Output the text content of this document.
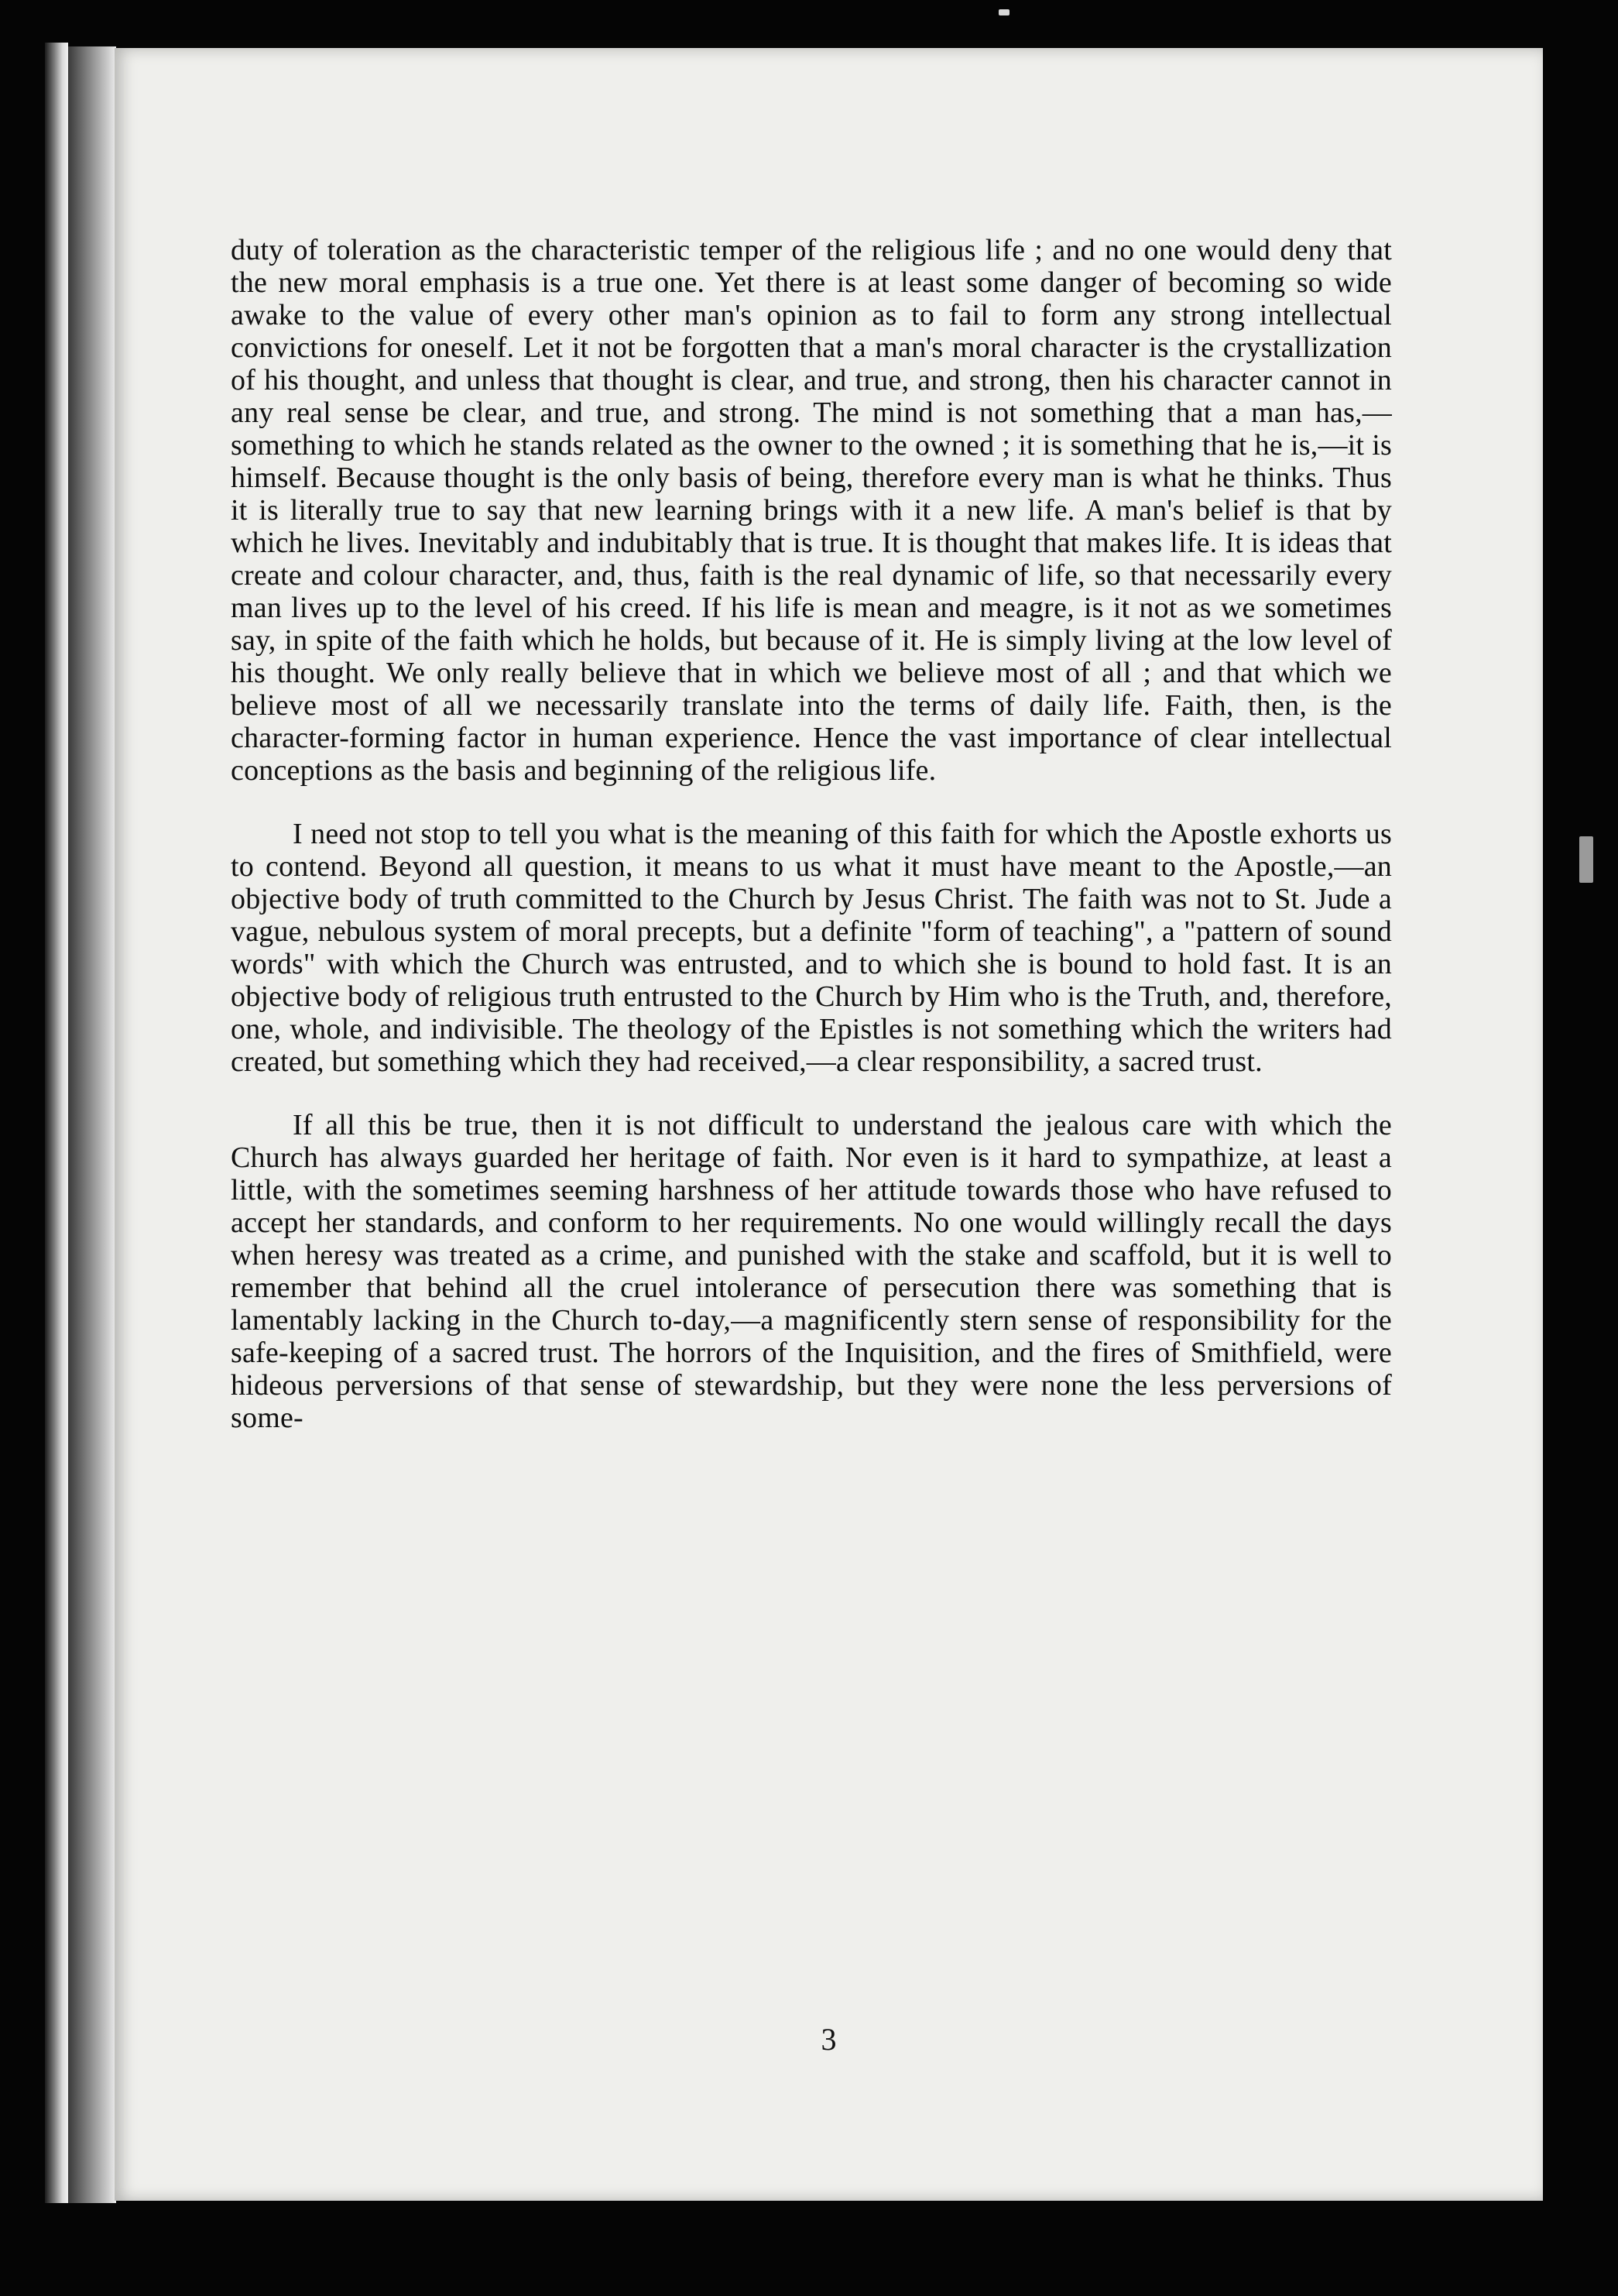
duty of toleration as the characteristic temper of the religious life ; and no one would deny that the new moral emphasis is a true one. Yet there is at least some danger of becoming so wide awake to the value of every other man's opinion as to fail to form any strong intellectual convictions for oneself. Let it not be forgotten that a man's moral character is the crystallization of his thought, and unless that thought is clear, and true, and strong, then his character cannot in any real sense be clear, and true, and strong. The mind is not something that a man has,—something to which he stands related as the owner to the owned ; it is something that he is,—it is himself. Because thought is the only basis of being, therefore every man is what he thinks. Thus it is literally true to say that new learning brings with it a new life. A man's belief is that by which he lives. Inevitably and indubitably that is true. It is thought that makes life. It is ideas that create and colour character, and, thus, faith is the real dynamic of life, so that necessarily every man lives up to the level of his creed. If his life is mean and meagre, is it not as we sometimes say, in spite of the faith which he holds, but because of it. He is simply living at the low level of his thought. We only really believe that in which we believe most of all ; and that which we believe most of all we necessarily translate into the terms of daily life. Faith, then, is the character-forming factor in human experience. Hence the vast importance of clear intellectual conceptions as the basis and beginning of the religious life.

I need not stop to tell you what is the meaning of this faith for which the Apostle exhorts us to contend. Beyond all question, it means to us what it must have meant to the Apostle,—an objective body of truth committed to the Church by Jesus Christ. The faith was not to St. Jude a vague, nebulous system of moral precepts, but a definite "form of teaching", a "pattern of sound words" with which the Church was entrusted, and to which she is bound to hold fast. It is an objective body of religious truth entrusted to the Church by Him who is the Truth, and, therefore, one, whole, and indivisible. The theology of the Epistles is not something which the writers had created, but something which they had received,—a clear responsibility, a sacred trust.

If all this be true, then it is not difficult to understand the jealous care with which the Church has always guarded her heritage of faith. Nor even is it hard to sympathize, at least a little, with the sometimes seeming harshness of her attitude towards those who have refused to accept her standards, and conform to her requirements. No one would willingly recall the days when heresy was treated as a crime, and punished with the stake and scaffold, but it is well to remember that behind all the cruel intolerance of persecution there was something that is lamentably lacking in the Church to-day,—a magnificently stern sense of responsibility for the safe-keeping of a sacred trust. The horrors of the Inquisition, and the fires of Smithfield, were hideous perversions of that sense of stewardship, but they were none the less perversions of some-

3
